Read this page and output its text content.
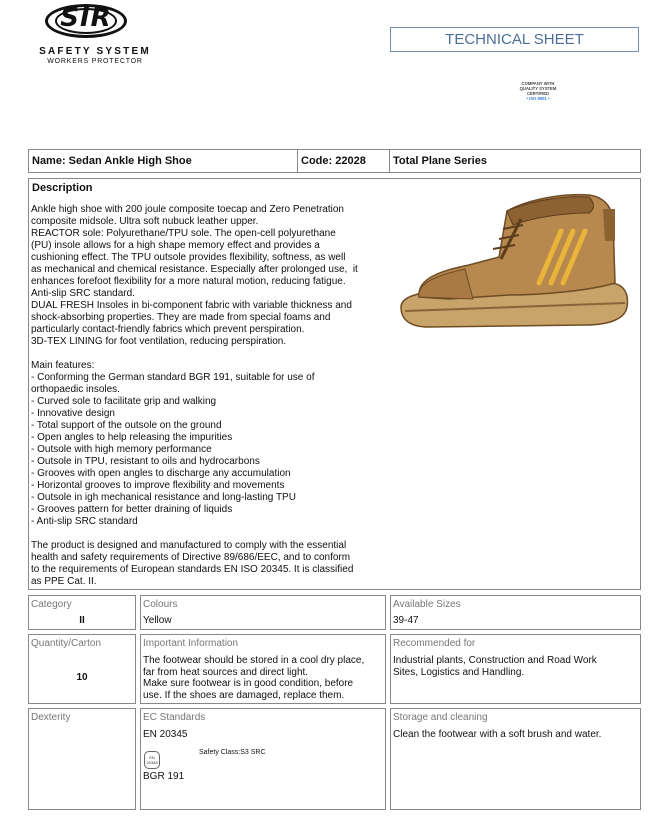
SIR
SAFETY SYSTEM
WORKERS PROTECTOR
TECHNICAL SHEET
COMPANY WITH
QUALITY SYSTEM
CERTIFIED
• ISO 9001 •
Name: Sedan Ankle High Shoe	Code: 22028	Total Plane Series
Description
Ankle high shoe with 200 joule composite toecap and Zero Penetration
composite midsole. Ultra soft nubuck leather upper.
REACTOR sole: Polyurethane/TPU sole. The open-cell polyurethane
(PU) insole allows for a high shape memory effect and provides a
cushioning effect. The TPU outsole provides flexibility, softness, as well
as mechanical and chemical resistance. Especially after prolonged use,  it
enhances forefoot flexibility for a more natural motion, reducing fatigue.
Anti-slip SRC standard.
DUAL FRESH Insoles in bi-component fabric with variable thickness and
shock-absorbing properties. They are made from special foams and
particularly contact-friendly fabrics which prevent perspiration.
3D-TEX LINING for foot ventilation, reducing perspiration.
Main features:
- Conforming the German standard BGR 191, suitable for use of
orthopaedic insoles.
- Curved sole to facilitate grip and walking
- Innovative design
- Total support of the outsole on the ground
- Open angles to help releasing the impurities
- Outsole with high memory performance
- Outsole in TPU, resistant to oils and hydrocarbons
- Grooves with open angles to discharge any accumulation
- Horizontal grooves to improve flexibility and movements
- Outsole in igh mechanical resistance and long-lasting TPU
- Grooves pattern for better draining of liquids
- Anti-slip SRC standard
The product is designed and manufactured to comply with the essential
health and safety requirements of Directive 89/686/EEC, and to conform
to the requirements of European standards EN ISO 20345. It is classified
as PPE Cat. II.
Category
II
Colours
Yellow
Available Sizes
39-47
Quantity/Carton
10
Important Information
The footwear should be stored in a cool dry place,
far from heat sources and direct light.
Make sure footwear is in good condition, before
use. If the shoes are damaged, replace them.
Recommended for
Industrial plants, Construction and Road Work
Sites, Logistics and Handling.
Dexterity	EC Standards
EN 20345
EN
20345
Safety Class:S3 SRC
BGR 191
Storage and cleaning
Clean the footwear with a soft brush and water.
